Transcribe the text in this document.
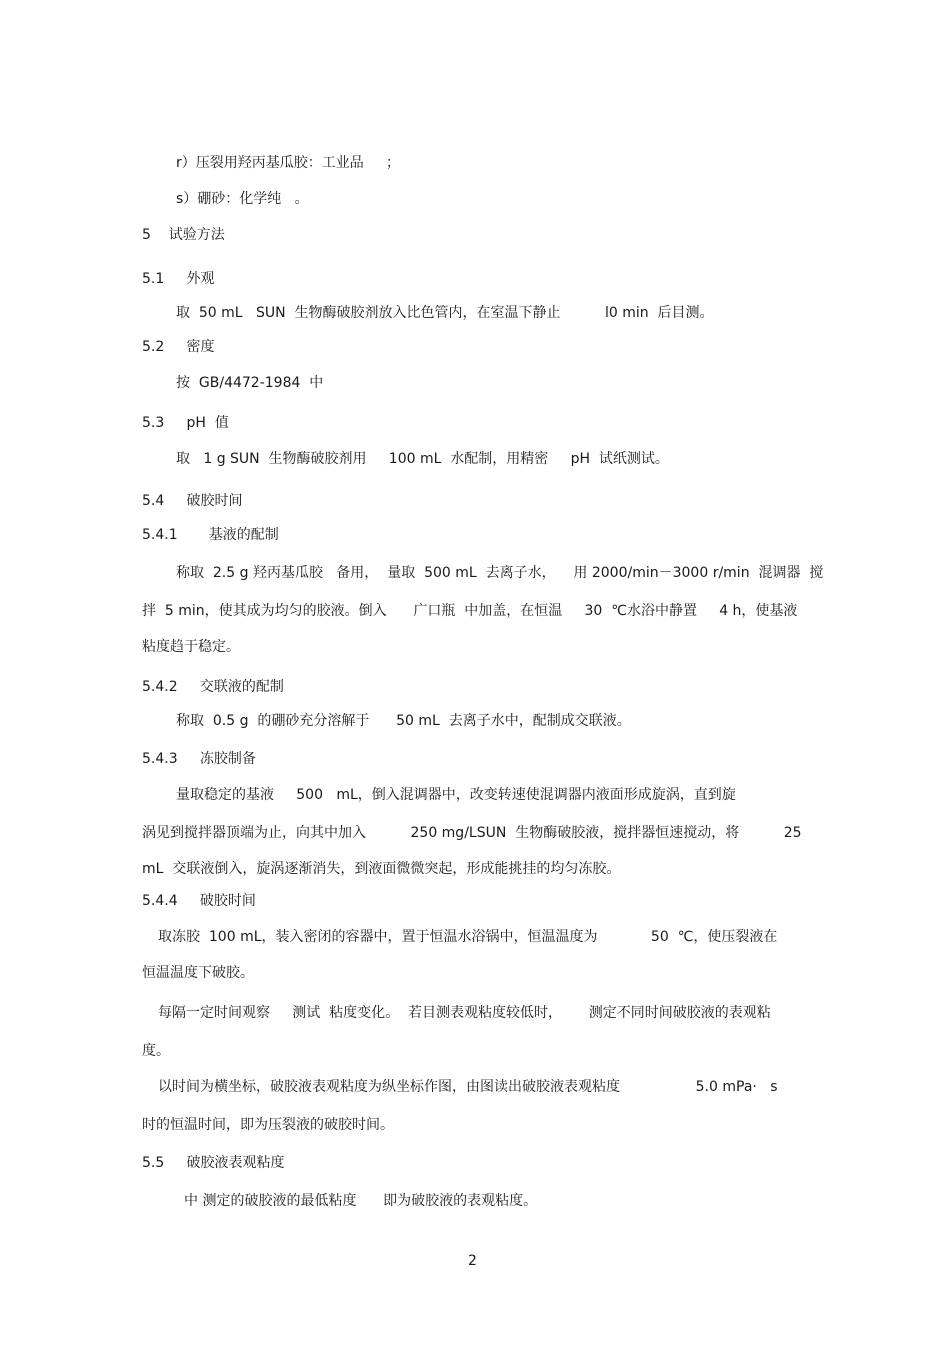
r）压裂用羟丙基瓜胶：工业品     ；
s）硼砂：化学纯   。
5    试验方法
5.1     外观
取  50 mL   SUN  生物酶破胶剂放入比色管内，在室温下静止          l0 min  后目测。
5.2     密度
按  GB/4472-1984  中
5.3     pH  值
取   1 g SUN  生物酶破胶剂用     100 mL  水配制，用精密     pH  试纸测试。
5.4     破胶时间
5.4.1       基液的配制
称取  2.5 g 羟丙基瓜胶   备用，  量取  500 mL  去离子水，    用 2000/min－3000 r/min  混调器  搅
拌  5 min，使其成为均匀的胶液。倒入      广口瓶  中加盖，在恒温     30  ℃水浴中静置     4 h，使基液
粘度趋于稳定。
5.4.2     交联液的配制
称取  0.5 g  的硼砂充分溶解于      50 mL  去离子水中，配制成交联液。
5.4.3     冻胶制备
量取稳定的基液     500   mL，倒入混调器中，改变转速使混调器内液面形成旋涡，直到旋
涡见到搅拌器顶端为止，向其中加入          250 mg/LSUN  生物酶破胶液，搅拌器恒速搅动，将          25
mL  交联液倒入，旋涡逐渐消失，到液面微微突起，形成能挑挂的均匀冻胶。
5.4.4     破胶时间
取冻胶  100 mL，装入密闭的容器中，置于恒温水浴锅中，恒温温度为            50  ℃，使压裂液在
恒温温度下破胶。
每隔一定时间观察     测试  粘度变化。  若目测表观粘度较低时，      测定不同时间破胶液的表观粘
度。
以时间为横坐标，破胶液表观粘度为纵坐标作图，由图读出破胶液表观粘度                 5.0 mPa·   s
时的恒温时间，即为压裂液的破胶时间。
5.5     破胶液表观粘度
中 测定的破胶液的最低粘度      即为破胶液的表观粘度。
2
